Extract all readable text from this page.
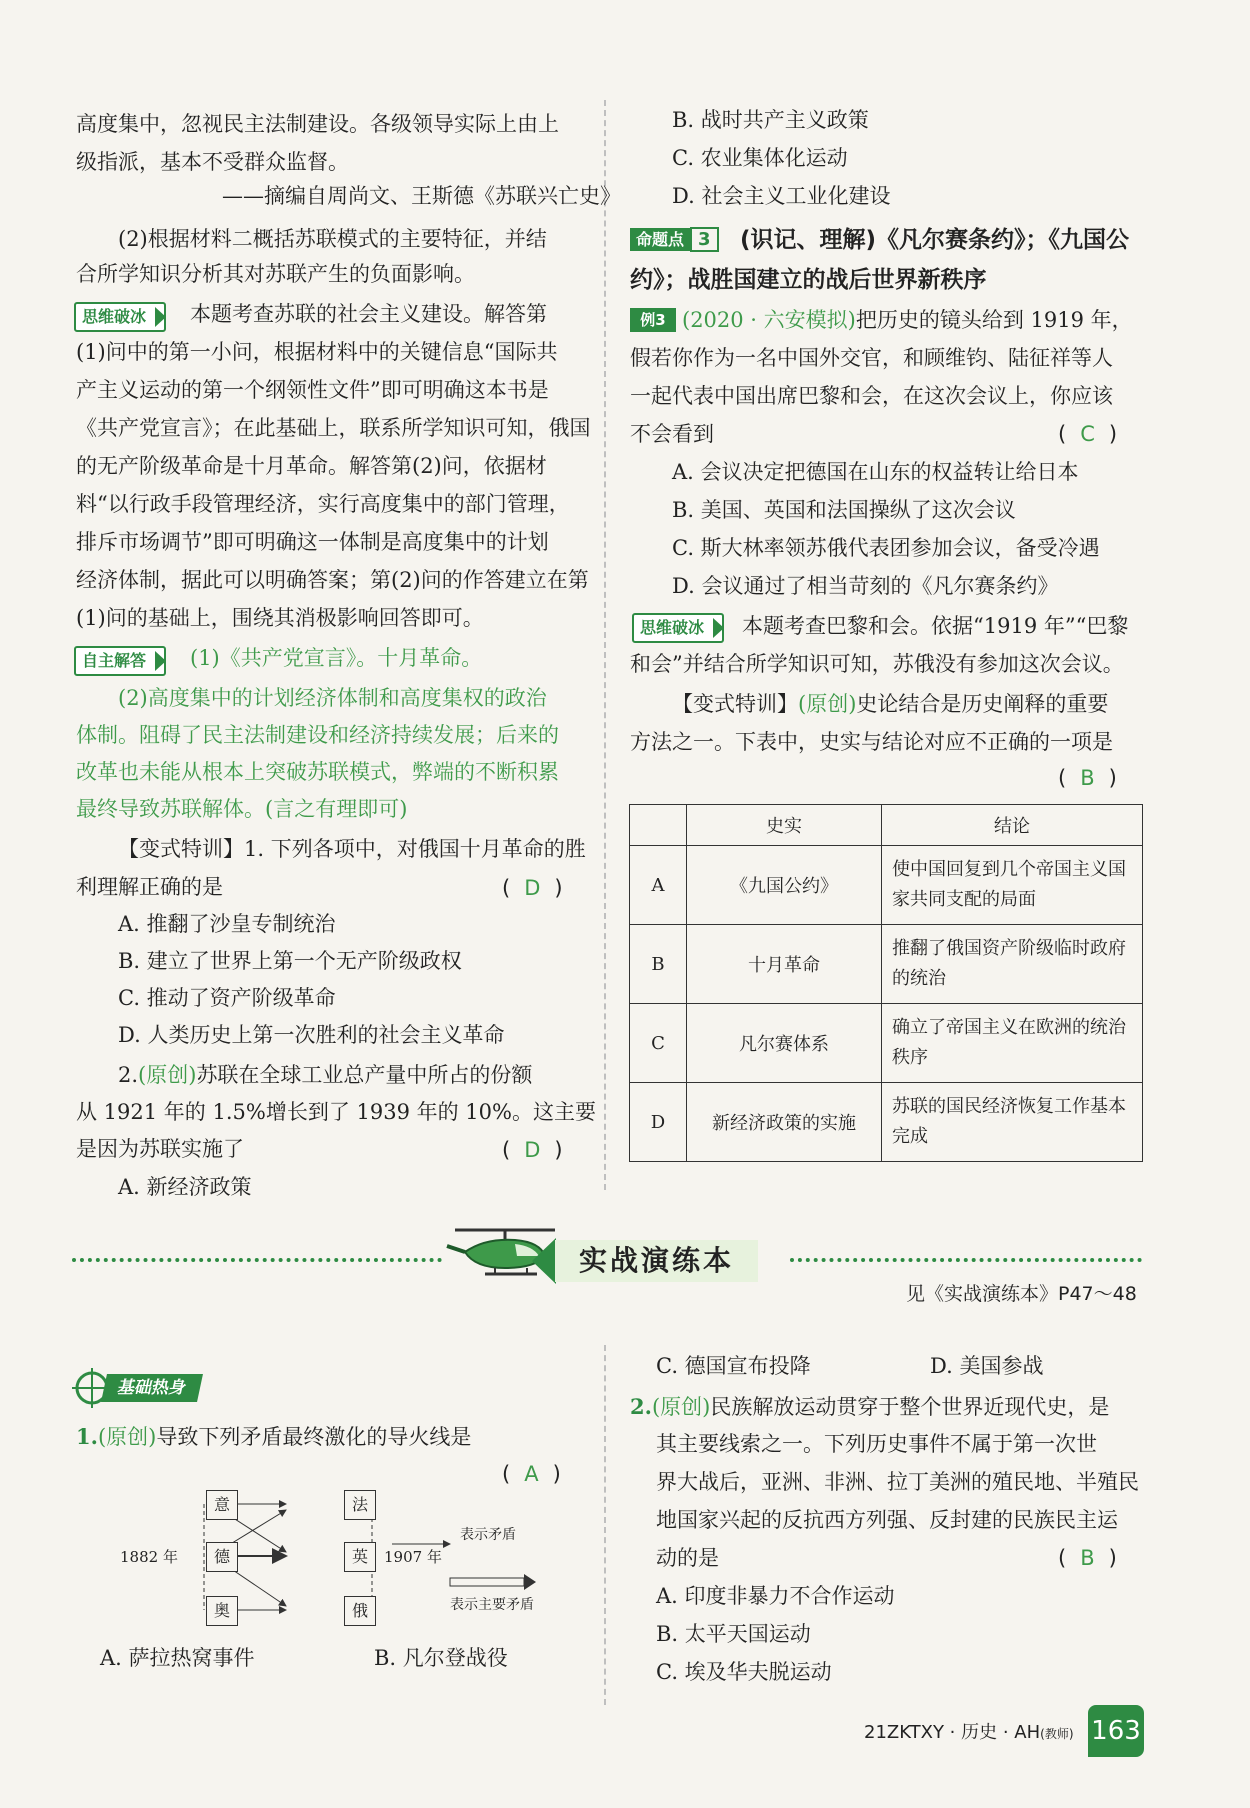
高度集中，忽视民主法制建设。各级领导实际上由上
级指派，基本不受群众监督。
——摘编自周尚文、王斯德《苏联兴亡史》
(2)根据材料二概括苏联模式的主要特征，并结
合所学知识分析其对苏联产生的负面影响。
思维破冰	本题考查苏联的社会主义建设。解答第
(1)问中的第一小问，根据材料中的关键信息“国际共
产主义运动的第一个纲领性文件”即可明确这本书是
《共产党宣言》；在此基础上，联系所学知识可知，俄国
的无产阶级革命是十月革命。解答第(2)问，依据材
料“以行政手段管理经济，实行高度集中的部门管理，
排斥市场调节”即可明确这一体制是高度集中的计划
经济体制，据此可以明确答案；第(2)问的作答建立在第
(1)问的基础上，围绕其消极影响回答即可。
自主解答	(1)《共产党宣言》。十月革命。
(2)高度集中的计划经济体制和高度集权的政治
体制。阻碍了民主法制建设和经济持续发展；后来的
改革也未能从根本上突破苏联模式，弊端的不断积累
最终导致苏联解体。(言之有理即可)
【变式特训】1. 下列各项中，对俄国十月革命的胜
利理解正确的是	( D )
A. 推翻了沙皇专制统治
B. 建立了世界上第一个无产阶级政权
C. 推动了资产阶级革命
D. 人类历史上第一次胜利的社会主义革命
2.(原创)苏联在全球工业总产量中所占的份额
从 1921 年的 1.5%增长到了 1939 年的 10%。这主要
是因为苏联实施了	( D )
A. 新经济政策
B. 战时共产主义政策
C. 农业集体化运动
D. 社会主义工业化建设
命题点 3	(识记、理解)《凡尔赛条约》；《九国公
约》；战胜国建立的战后世界新秩序
例3 (2020 · 六安模拟)把历史的镜头给到 1919 年，
假若你作为一名中国外交官，和顾维钧、陆征祥等人
一起代表中国出席巴黎和会，在这次会议上，你应该
不会看到	( C )
A. 会议决定把德国在山东的权益转让给日本
B. 美国、英国和法国操纵了这次会议
C. 斯大林率领苏俄代表团参加会议，备受冷遇
D. 会议通过了相当苛刻的《凡尔赛条约》
思维破冰	本题考查巴黎和会。依据“1919 年”“巴黎
和会”并结合所学知识可知，苏俄没有参加这次会议。
【变式特训】(原创)史论结合是历史阐释的重要
方法之一。下表中，史实与结论对应不正确的一项是
( B )
	史实	结论
A	《九国公约》	使中国回复到几个帝国主义国家共同支配的局面
B	十月革命	推翻了俄国资产阶级临时政府的统治
C	凡尔赛体系	确立了帝国主义在欧洲的统治秩序
D	新经济政策的实施	苏联的国民经济恢复工作基本完成
实战演练本
见《实战演练本》P47～48
基础热身
1.(原创)导致下列矛盾最终激化的导火线是
( A )
意
德
奥
法
英
俄
1882 年	1907 年
表示矛盾
表示主要矛盾
A. 萨拉热窝事件	B. 凡尔登战役
C. 德国宣布投降	D. 美国参战
2.(原创)民族解放运动贯穿于整个世界近现代史，是
其主要线索之一。下列历史事件不属于第一次世
界大战后，亚洲、非洲、拉丁美洲的殖民地、半殖民
地国家兴起的反抗西方列强、反封建的民族民主运
动的是	( B )
A. 印度非暴力不合作运动
B. 太平天国运动
C. 埃及华夫脱运动
21ZKTXY · 历史 · AH(教师) 163
